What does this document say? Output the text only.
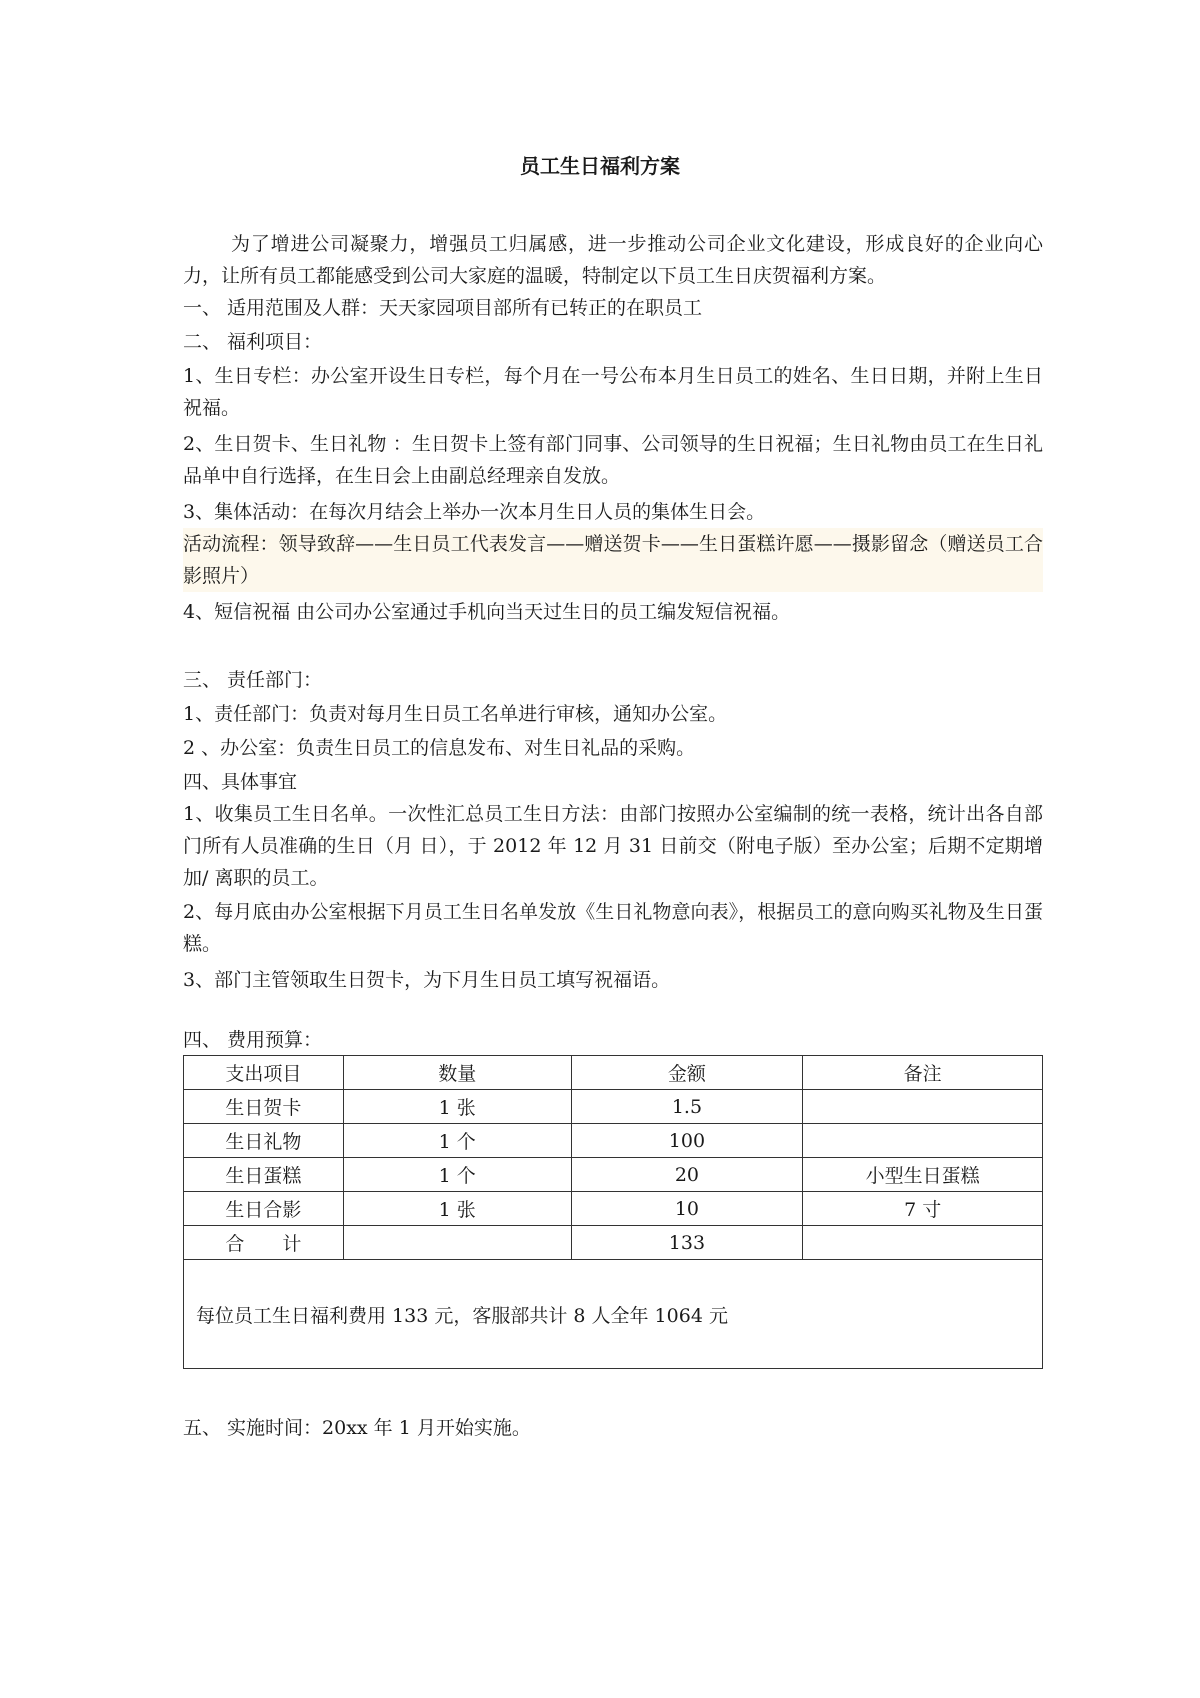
员工生日福利方案

为了增进公司凝聚力，增强员工归属感，进一步推动公司企业文化建设，形成良好的企业向心力，让所有员工都能感受到公司大家庭的温暖，特制定以下员工生日庆贺福利方案。

一、 适用范围及人群：天天家园项目部所有已转正的在职员工

二、 福利项目：

1、生日专栏：办公室开设生日专栏，每个月在一号公布本月生日员工的姓名、生日日期，并附上生日祝福。

2、生日贺卡、生日礼物 ：生日贺卡上签有部门同事、公司领导的生日祝福；生日礼物由员工在生日礼品单中自行选择，在生日会上由副总经理亲自发放。

3、集体活动：在每次月结会上举办一次本月生日人员的集体生日会。

活动流程：领导致辞——生日员工代表发言——赠送贺卡——生日蛋糕许愿——摄影留念（赠送员工合影照片）

4、短信祝福 由公司办公室通过手机向当天过生日的员工编发短信祝福。

三、 责任部门：

1、责任部门：负责对每月生日员工名单进行审核，通知办公室。

2 、办公室：负责生日员工的信息发布、对生日礼品的采购。

四、具体事宜

1、收集员工生日名单。一次性汇总员工生日方法：由部门按照办公室编制的统一表格，统计出各自部门所有人员准确的生日（月 日），于 2012 年 12 月 31 日前交（附电子版）至办公室；后期不定期增加/ 离职的员工。

2、每月底由办公室根据下月员工生日名单发放《生日礼物意向表》，根据员工的意向购买礼物及生日蛋糕。

3、部门主管领取生日贺卡，为下月生日员工填写祝福语。

四、 费用预算：

支出项目	数量	金额	备注
生日贺卡	1 张	1.5	
生日礼物	1 个	100	
生日蛋糕	1 个	20	小型生日蛋糕
生日合影	1 张	10	7 寸
合　　计		133	
每位员工生日福利费用 133 元，客服部共计 8 人全年 1064 元			

五、 实施时间：20xx 年 1 月开始实施。
